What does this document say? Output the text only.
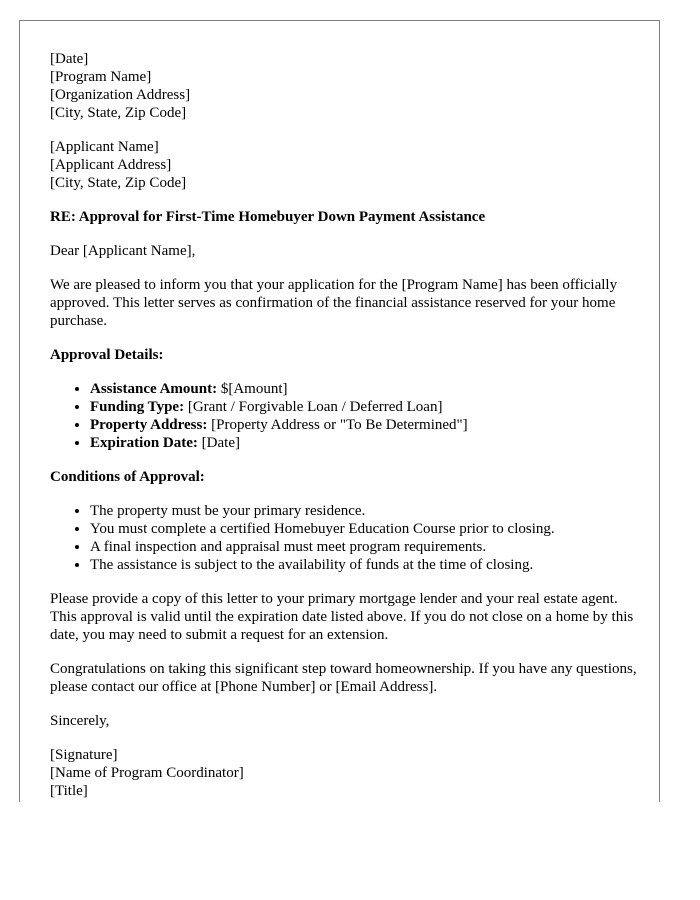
[Date]
[Program Name]
[Organization Address]
[City, State, Zip Code]
[Applicant Name]
[Applicant Address]
[City, State, Zip Code]

RE: Approval for First-Time Homebuyer Down Payment Assistance

Dear [Applicant Name],

We are pleased to inform you that your application for the [Program Name] has been officially approved. This letter serves as confirmation of the financial assistance reserved for your home purchase.

Approval Details:

• Assistance Amount: $[Amount]
• Funding Type: [Grant / Forgivable Loan / Deferred Loan]
• Property Address: [Property Address or "To Be Determined"]
• Expiration Date: [Date]

Conditions of Approval:

• The property must be your primary residence.
• You must complete a certified Homebuyer Education Course prior to closing.
• A final inspection and appraisal must meet program requirements.
• The assistance is subject to the availability of funds at the time of closing.

Please provide a copy of this letter to your primary mortgage lender and your real estate agent. This approval is valid until the expiration date listed above. If you do not close on a home by this date, you may need to submit a request for an extension.

Congratulations on taking this significant step toward homeownership. If you have any questions, please contact our office at [Phone Number] or [Email Address].

Sincerely,

[Signature]
[Name of Program Coordinator]
[Title]
